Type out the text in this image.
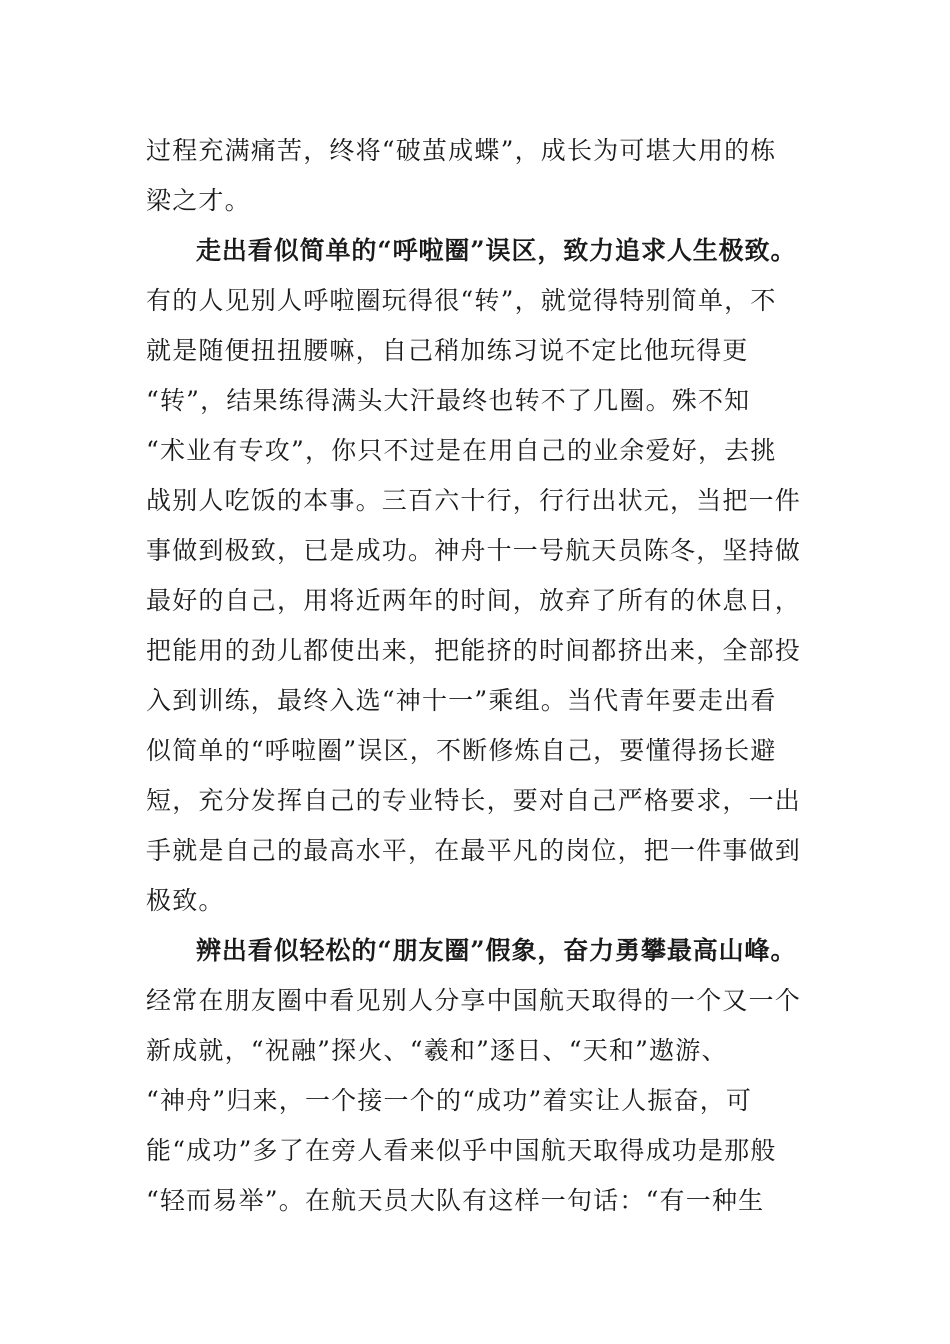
过程充满痛苦，终将“破茧成蝶”，成长为可堪大用的栋
梁之才。
走出看似简单的“呼啦圈”误区，致力追求人生极致。
有的人见别人呼啦圈玩得很“转”，就觉得特别简单，不
就是随便扭扭腰嘛，自己稍加练习说不定比他玩得更
“转”，结果练得满头大汗最终也转不了几圈。殊不知
“术业有专攻”，你只不过是在用自己的业余爱好，去挑
战别人吃饭的本事。三百六十行，行行出状元，当把一件
事做到极致，已是成功。神舟十一号航天员陈冬，坚持做
最好的自己，用将近两年的时间，放弃了所有的休息日，
把能用的劲儿都使出来，把能挤的时间都挤出来，全部投
入到训练，最终入选“神十一”乘组。当代青年要走出看
似简单的“呼啦圈”误区，不断修炼自己，要懂得扬长避
短，充分发挥自己的专业特长，要对自己严格要求，一出
手就是自己的最高水平，在最平凡的岗位，把一件事做到
极致。
辨出看似轻松的“朋友圈”假象，奋力勇攀最高山峰。
经常在朋友圈中看见别人分享中国航天取得的一个又一个
新成就，“祝融”探火、“羲和”逐日、“天和”遨游、
“神舟”归来，一个接一个的“成功”着实让人振奋，可
能“成功”多了在旁人看来似乎中国航天取得成功是那般
“轻而易举”。在航天员大队有这样一句话：“有一种生
